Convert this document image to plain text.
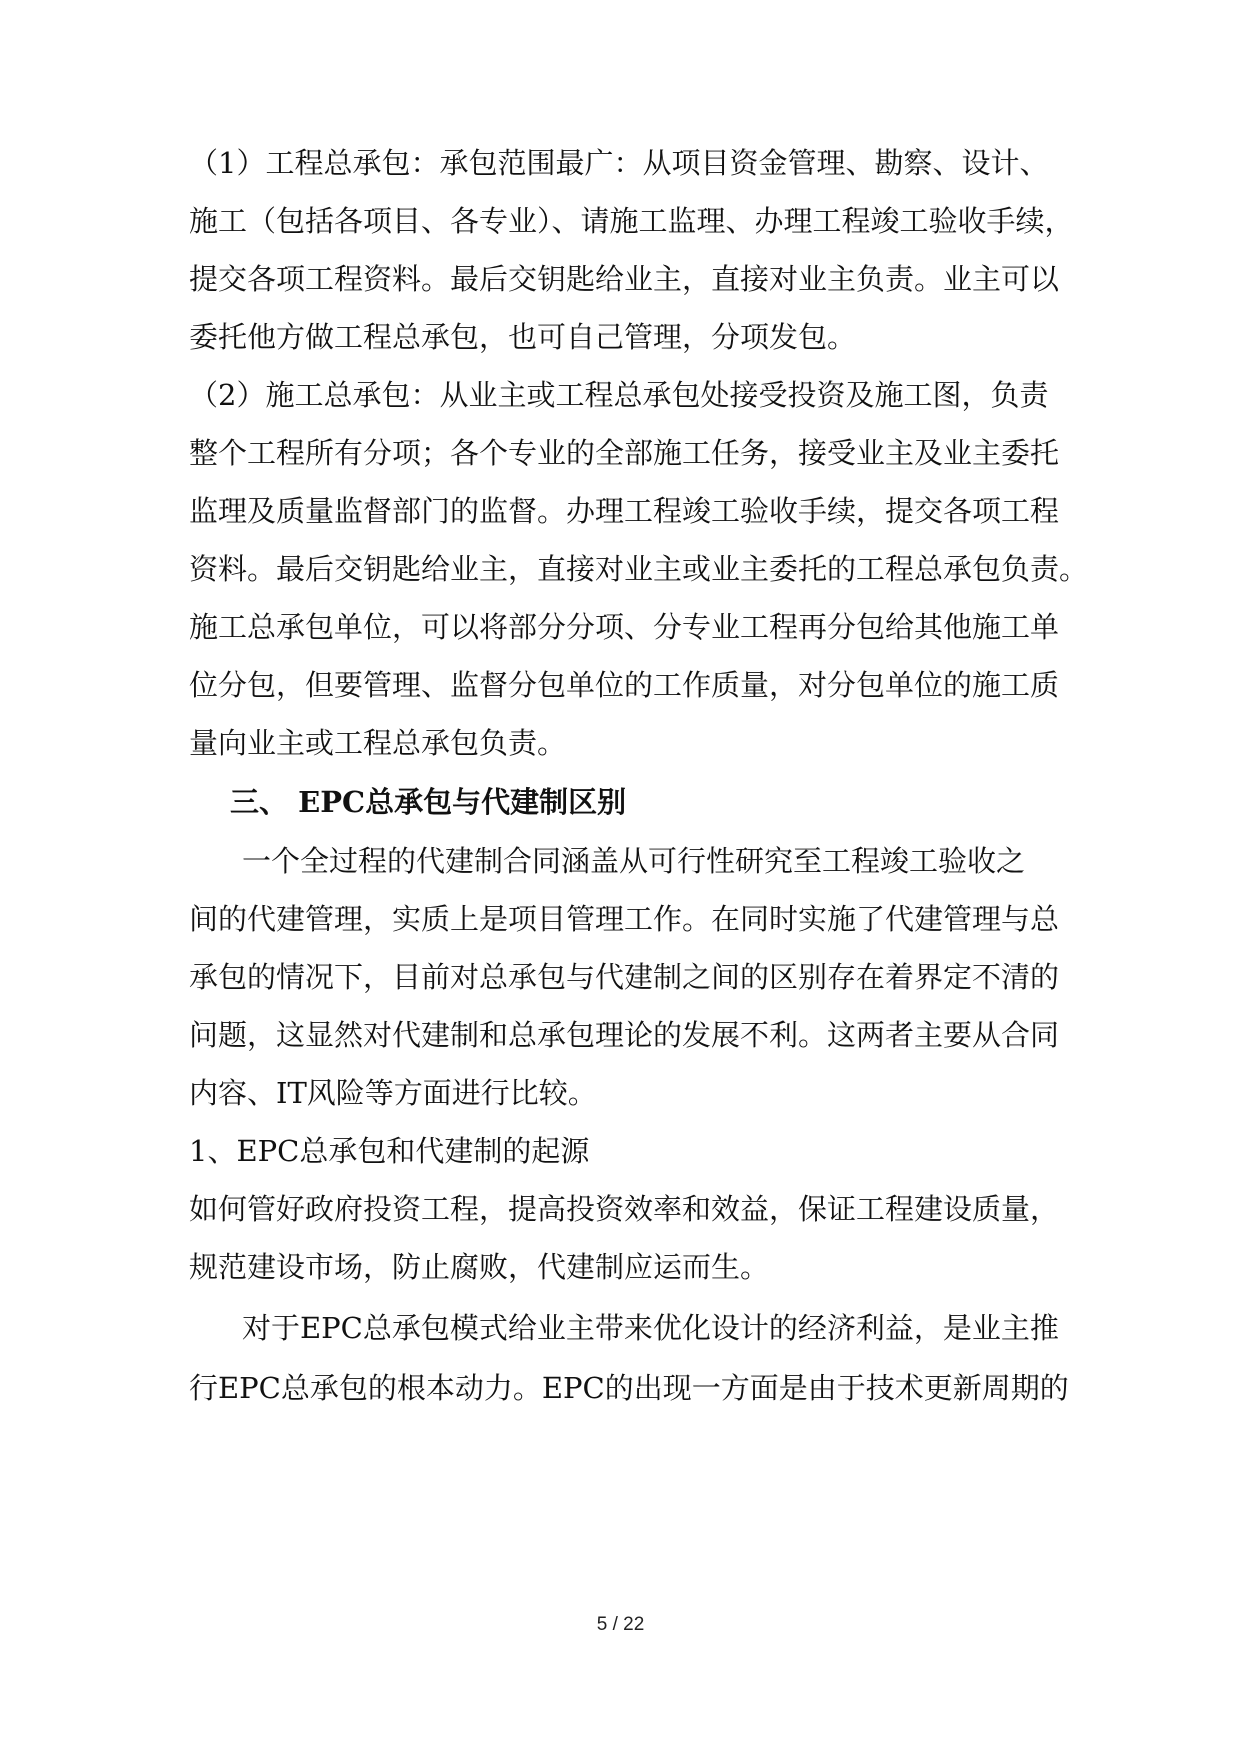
（1）工程总承包：承包范围最广：从项目资金管理、勘察、设计、
施工（包括各项目、各专业）、请施工监理、办理工程竣工验收手续，
提交各项工程资料。最后交钥匙给业主，直接对业主负责。业主可以
委托他方做工程总承包，也可自己管理，分项发包。
（2）施工总承包：从业主或工程总承包处接受投资及施工图，负责
整个工程所有分项；各个专业的全部施工任务，接受业主及业主委托
监理及质量监督部门的监督。办理工程竣工验收手续，提交各项工程
资料。最后交钥匙给业主，直接对业主或业主委托的工程总承包负责。
施工总承包单位，可以将部分分项、分专业工程再分包给其他施工单
位分包，但要管理、监督分包单位的工作质量，对分包单位的施工质
量向业主或工程总承包负责。
三、 EPC总承包与代建制区别
一个全过程的代建制合同涵盖从可行性研究至工程竣工验收之
间的代建管理，实质上是项目管理工作。在同时实施了代建管理与总
承包的情况下，目前对总承包与代建制之间的区别存在着界定不清的
问题，这显然对代建制和总承包理论的发展不利。这两者主要从合同
内容、IT风险等方面进行比较。
1、EPC总承包和代建制的起源
如何管好政府投资工程，提高投资效率和效益，保证工程建设质量，
规范建设市场，防止腐败，代建制应运而生。
对于EPC总承包模式给业主带来优化设计的经济利益，是业主推
行EPC总承包的根本动力。EPC的出现一方面是由于技术更新周期的
5 / 22
